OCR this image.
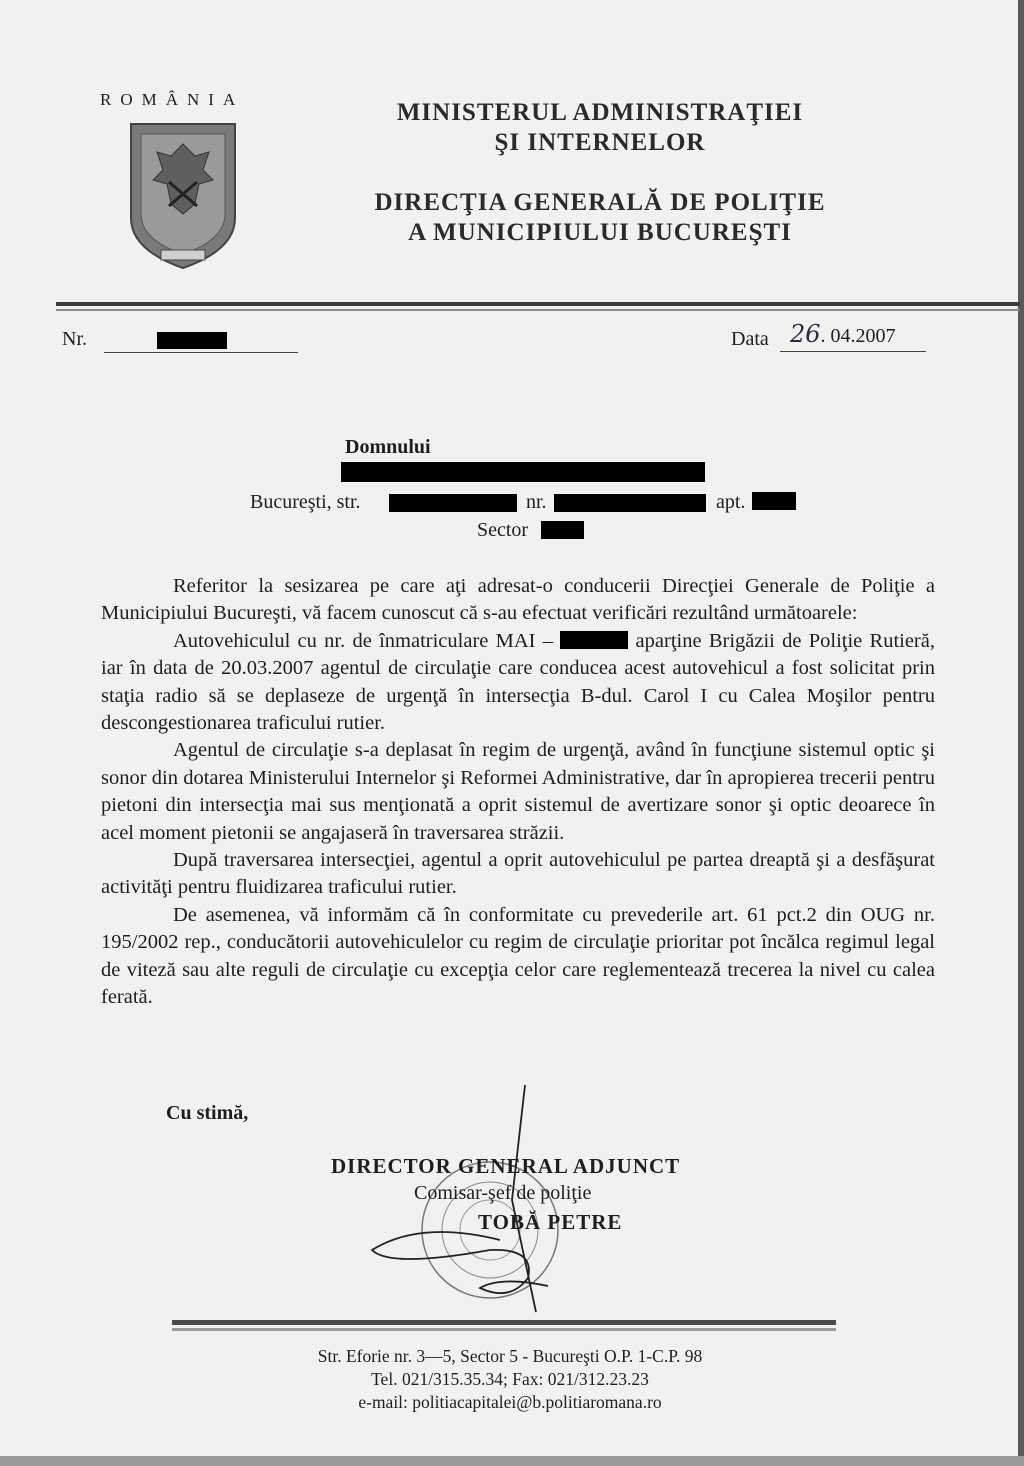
ROMÂNIA	MINISTERUL ADMINISTRAŢIEI
ŞI INTERNELOR
DIRECŢIA GENERALĂ DE POLIŢIE
A MUNICIPIULUI BUCUREŞTI
Nr.	Data 26. 04.2007
Domnului
Bucureşti, str.	nr.	apt.
Sector

Referitor la sesizarea pe care aţi adresat-o conducerii Direcţiei Generale de Poliţie a Municipiului Bucureşti, vă facem cunoscut că s-au efectuat verificări rezultând următoarele:

Autovehiculul cu nr. de înmatriculare MAI –	aparţine Brigăzii de Poliţie Rutieră, iar în data de 20.03.2007 agentul de circulaţie care conducea acest autovehicul a fost solicitat prin staţia radio să se deplaseze de urgenţă în intersecţia B-dul. Carol I cu Calea Moşilor pentru descongestionarea traficului rutier.

Agentul de circulaţie s-a deplasat în regim de urgenţă, având în funcţiune sistemul optic şi sonor din dotarea Ministerului Internelor şi Reformei Administrative, dar în apropierea trecerii pentru pietoni din intersecţia mai sus menţionată a oprit sistemul de avertizare sonor şi optic deoarece în acel moment pietonii se angajaseră în traversarea străzii.

După traversarea intersecţiei, agentul a oprit autovehiculul pe partea dreaptă şi a desfăşurat activităţi pentru fluidizarea traficului rutier.

De asemenea, vă informăm că în conformitate cu prevederile art. 61 pct.2 din OUG nr. 195/2002 rep., conducătorii autovehiculelor cu regim de circulaţie prioritar pot încălca regimul legal de viteză sau alte reguli de circulaţie cu excepţia celor care reglementează trecerea la nivel cu calea ferată.

Cu stimă,
DIRECTOR GENERAL ADJUNCT
Comisar-şef de poliţie
TOBĂ PETRE
Str. Eforie nr. 3—5, Sector 5 - Bucureşti O.P. 1-C.P. 98
Tel. 021/315.35.34; Fax: 021/312.23.23
e-mail: politiacapitalei@b.politiaromana.ro
